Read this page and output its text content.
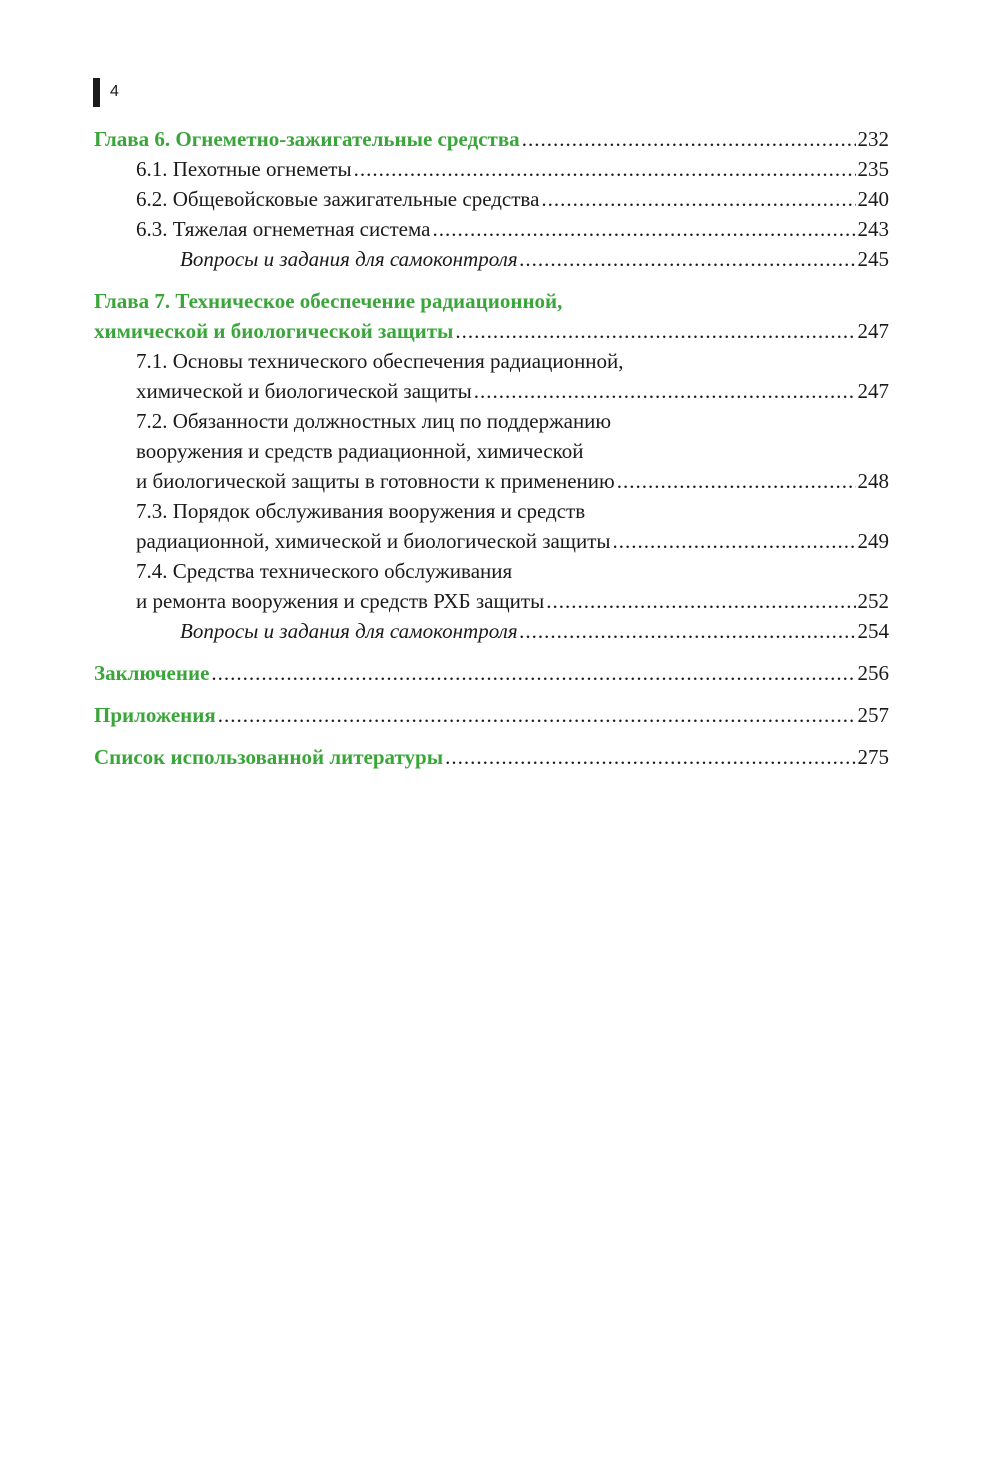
4
Глава 6. Огнеметно-зажигательные средства .....	232
6.1. Пехотные огнеметы .....	235
6.2. Общевойсковые зажигательные средства .....	240
6.3. Тяжелая огнеметная система .....	243
Вопросы и задания для самоконтроля .....	245
Глава 7. Техническое обеспечение радиационной,
химической и биологической защиты .....	247
7.1. Основы технического обеспечения радиационной,
химической и биологической защиты .....	247
7.2. Обязанности должностных лиц по поддержанию
вооружения и средств радиационной, химической
и биологической защиты в готовности к применению .....	248
7.3. Порядок обслуживания вооружения и средств
радиационной, химической и биологической защиты .....	249
7.4. Средства технического обслуживания
и ремонта вооружения и средств РХБ защиты .....	252
Вопросы и задания для самоконтроля .....	254
Заключение .....	256
Приложения .....	257
Список использованной литературы .....	275
